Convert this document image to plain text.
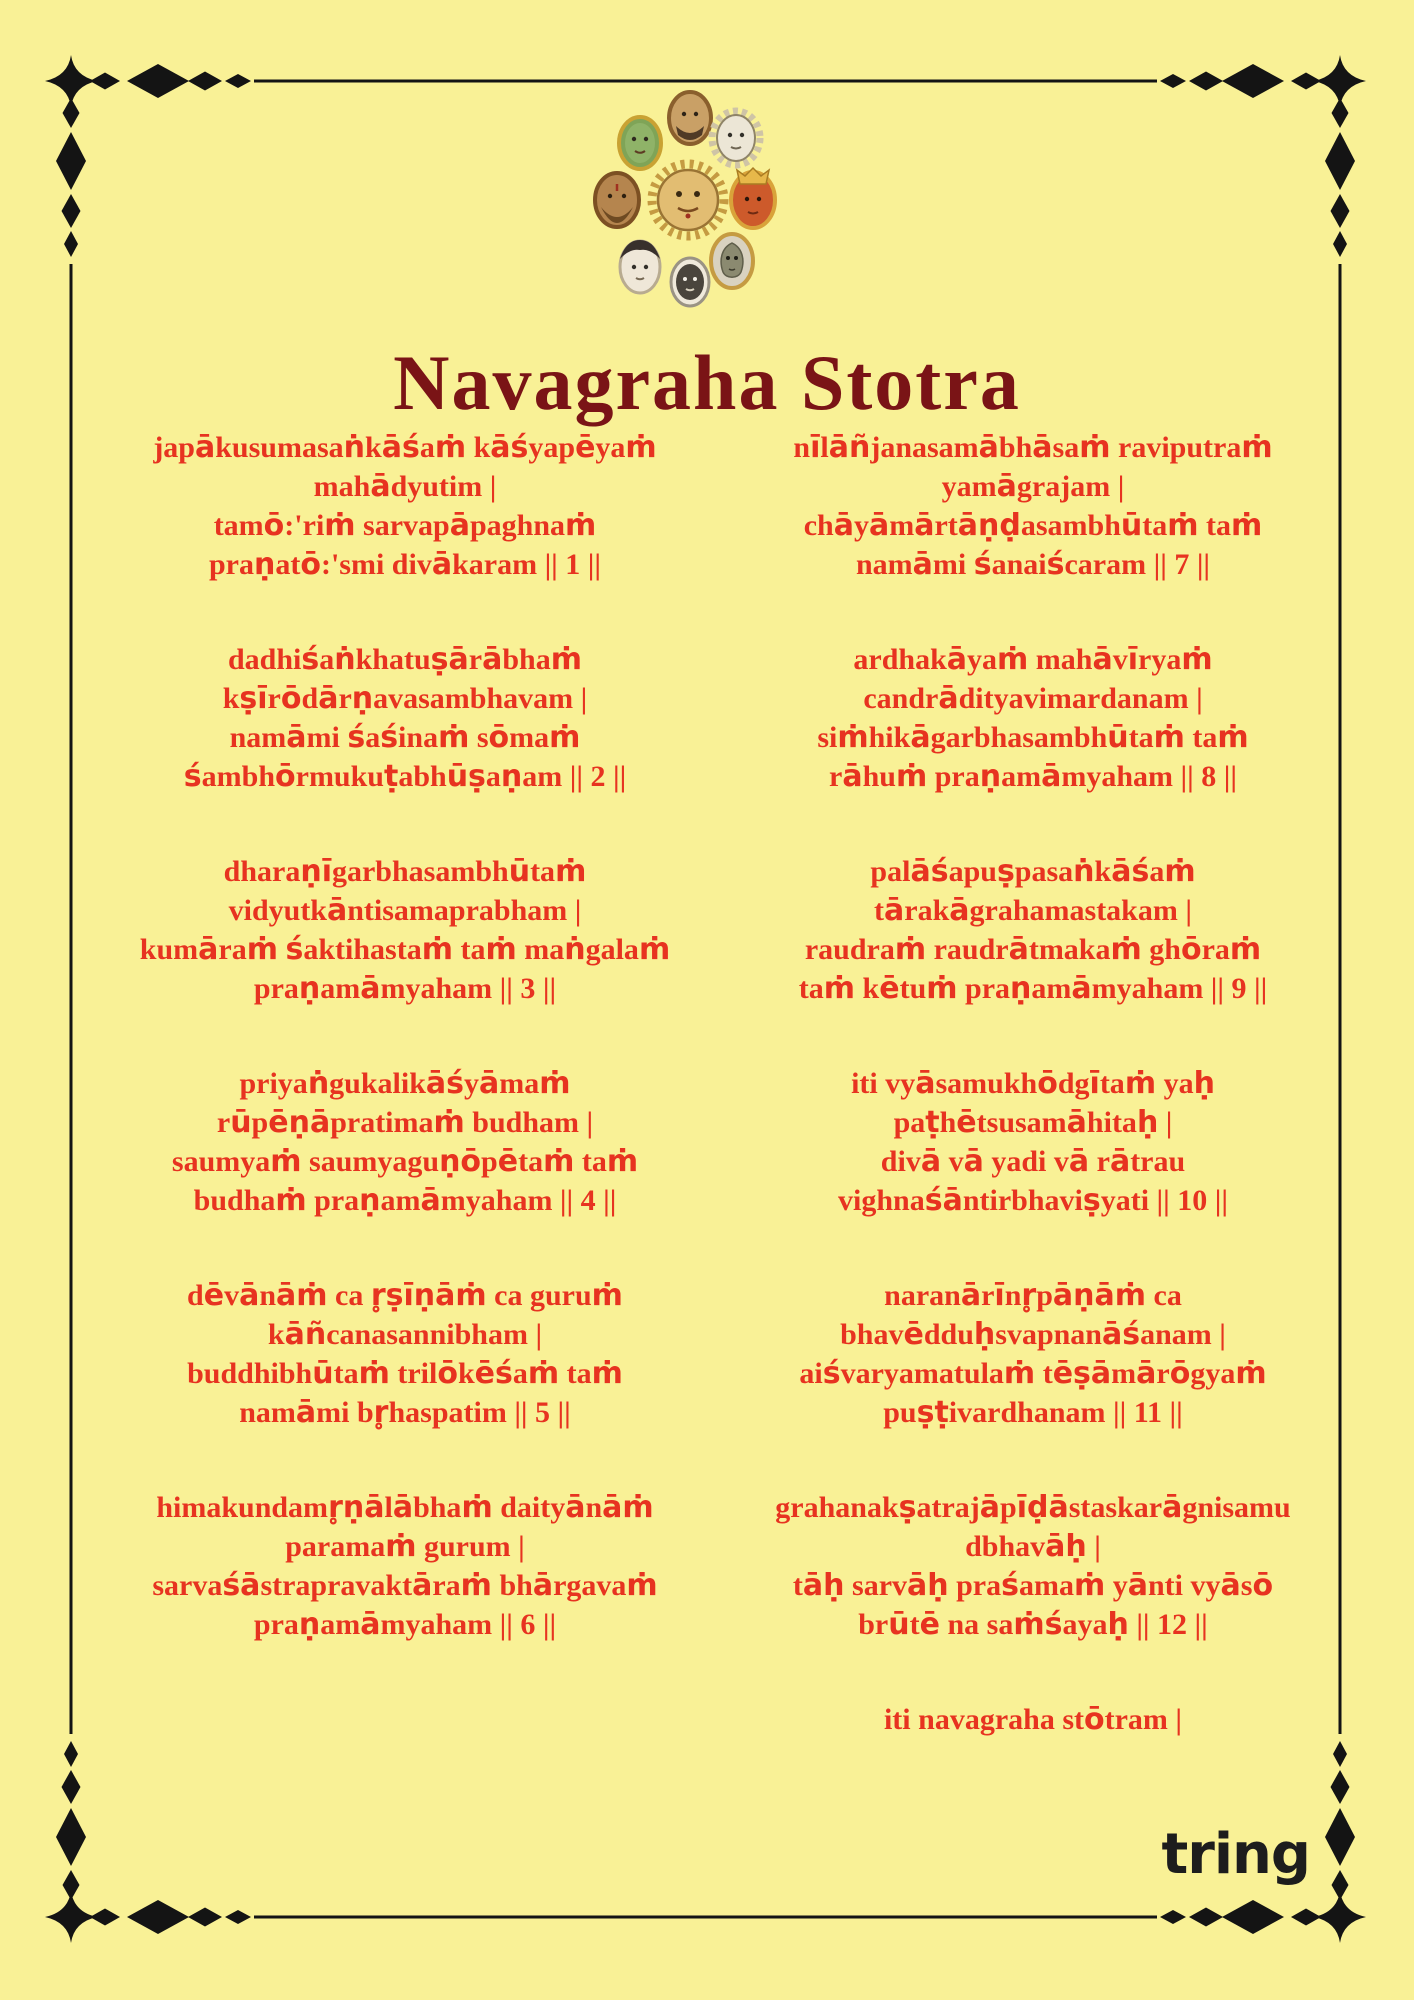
Navagraha Stotra
japākusumasaṅkāśaṁ kāśyapēyaṁ
mahādyutim |
tamō:'riṁ sarvapāpaghnaṁ
praṇatō:'smi divākaram || 1 ||
nīlāñjanasamābhāsaṁ raviputraṁ
yamāgrajam |
chāyāmārtāṇḍasambhūtaṁ taṁ
namāmi śanaiścaram || 7 ||
dadhiśaṅkhatuṣārābhaṁ
kṣīrōdārṇavasambhavam |
namāmi śaśinaṁ sōmaṁ
śambhōrmukuṭabhūṣaṇam || 2 ||
ardhakāyaṁ mahāvīryaṁ
candrādityavimardanam |
siṁhikāgarbhasambhūtaṁ taṁ
rāhuṁ praṇamāmyaham || 8 ||
dharaṇīgarbhasambhūtaṁ
vidyutkāntisamaprabham |
kumāraṁ śaktihastaṁ taṁ maṅgalaṁ
praṇamāmyaham || 3 ||
palāśapuṣpasaṅkāśaṁ
tārakāgrahamastakam |
raudraṁ raudrātmakaṁ ghōraṁ
taṁ kētuṁ praṇamāmyaham || 9 ||
priyaṅgukalikāśyāmaṁ
rūpēṇāpratimaṁ budham |
saumyaṁ saumyaguṇōpētaṁ taṁ
budhaṁ praṇamāmyaham || 4 ||
iti vyāsamukhōdgītaṁ yaḥ
paṭhētsusamāhitaḥ |
divā vā yadi vā rātrau
vighnaśāntirbhaviṣyati || 10 ||
dēvānāṁ ca r̥ṣīṇāṁ ca guruṁ
kāñcanasannibham |
buddhibhūtaṁ trilōkēśaṁ taṁ
namāmi br̥haspatim || 5 ||
naranārīnr̥pāṇāṁ ca
bhavēdduḥsvapnanāśanam |
aiśvaryamatulaṁ tēṣāmārōgyaṁ
puṣṭivardhanam || 11 ||
himakundamr̥ṇālābhaṁ daityānāṁ
paramaṁ gurum |
sarvaśāstrapravaktāraṁ bhārgavaṁ
praṇamāmyaham || 6 ||
grahanakṣatrajāpīḍāstaskarāgnisamu
dbhavāḥ |
tāḥ sarvāḥ praśamaṁ yānti vyāsō
brūtē na saṁśayaḥ || 12 ||
iti navagraha stōtram |
tring
